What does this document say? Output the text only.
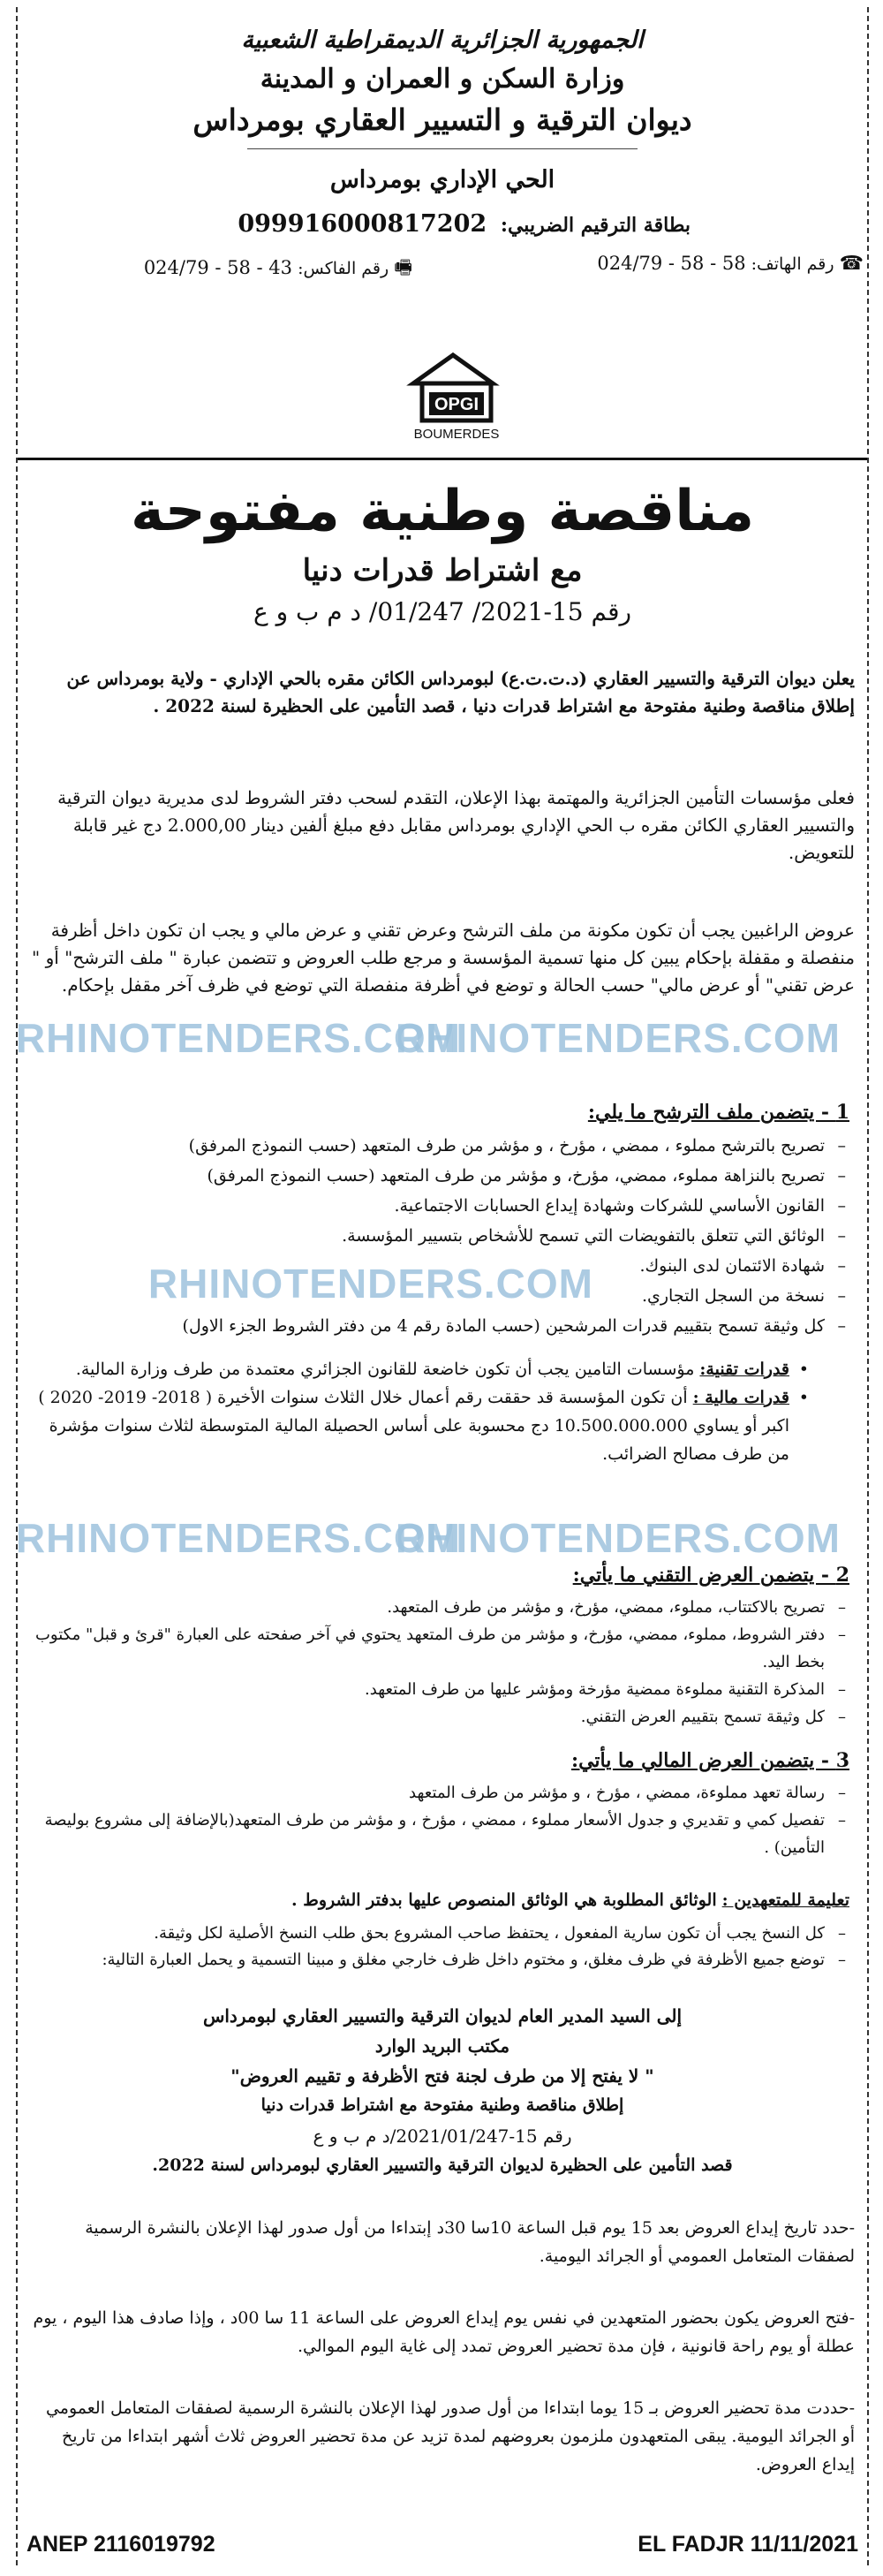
الجمهورية الجزائرية الديمقراطية الشعبية
وزارة السكن و العمران و المدينة
ديوان الترقية و التسيير العقاري بومرداس
الحي الإداري بومرداس
بطاقة الترقيم الضريبي: 099916000817202
☎ رقم الهاتف: 024/79 - 58 - 58
🖷 رقم الفاكس: 024/79 - 58 - 43
OPGI
BOUMERDES
مناقصة وطنية مفتوحة
مع اشتراط قدرات دنيا
رقم 15-2021/ 01/247/ د م ب و ع
يعلن ديوان الترقية والتسيير العقاري (د.ت.ت.ع) لبومرداس الكائن مقره بالحي الإداري - ولاية بومرداس عن إطلاق مناقصة وطنية مفتوحة مع اشتراط قدرات دنيا ، قصد التأمين على الحظيرة لسنة 2022 .
فعلى مؤسسات التأمين الجزائرية والمهتمة بهذا الإعلان، التقدم لسحب دفتر الشروط لدى مديرية ديوان الترقية والتسيير العقاري الكائن مقره ب الحي الإداري بومرداس مقابل دفع مبلغ ألفين دينار 2.000,00 دج غير قابلة للتعويض.
عروض الراغبين يجب أن تكون مكونة من ملف الترشح وعرض تقني و عرض مالي و يجب ان تكون داخل أظرفة منفصلة و مقفلة بإحكام يبين كل منها تسمية المؤسسة و مرجع طلب العروض و تتضمن عبارة " ملف الترشح" أو " عرض تقني" أو عرض مالي" حسب الحالة و توضع في أظرفة منفصلة التي توضع في ظرف آخر مقفل بإحكام.
RHINOTENDERS.COM
RHINOTENDERS.COM
RHINOTENDERS.COM
RHINOTENDERS.COM
RHINOTENDERS.COM
1 - يتضمن ملف الترشح ما يلي:
– تصريح بالترشح مملوء ، ممضي ، مؤرخ ، و مؤشر من طرف المتعهد (حسب النموذج المرفق)
– تصريح بالنزاهة مملوء، ممضي، مؤرخ، و مؤشر من طرف المتعهد (حسب النموذج المرفق)
– القانون الأساسي للشركات وشهادة إيداع الحسابات الاجتماعية.
– الوثائق التي تتعلق بالتفويضات التي تسمح للأشخاص بتسيير المؤسسة.
– شهادة الائتمان لدى البنوك.
– نسخة من السجل التجاري.
– كل وثيقة تسمح بتقييم قدرات المرشحين (حسب المادة رقم 4 من دفتر الشروط الجزء الاول)
• قدرات تقنية: مؤسسات التامين يجب أن تكون خاضعة للقانون الجزائري معتمدة من طرف وزارة المالية.
• قدرات مالية : أن تكون المؤسسة قد حققت رقم أعمال خلال الثلاث سنوات الأخيرة ( 2018- 2019- 2020 ) اكبر أو يساوي 10.500.000.000 دج محسوبة على أساس الحصيلة المالية المتوسطة لثلاث سنوات مؤشرة من طرف مصالح الضرائب.
2 - يتضمن العرض التقني ما يأتي:
– تصريح بالاكتتاب، مملوء، ممضي، مؤرخ، و مؤشر من طرف المتعهد.
– دفتر الشروط، مملوء، ممضي، مؤرخ، و مؤشر من طرف المتعهد يحتوي في آخر صفحته على العبارة "قرئ و قبل" مكتوب بخط اليد.
– المذكرة التقنية مملوءة ممضية مؤرخة ومؤشر عليها من طرف المتعهد.
– كل وثيقة تسمح بتقييم العرض التقني.
3 - يتضمن العرض المالي ما يأتي:
– رسالة تعهد مملوءة، ممضي ، مؤرخ ، و مؤشر من طرف المتعهد
– تفصيل كمي و تقديري و جدول الأسعار مملوء ، ممضي ، مؤرخ ، و مؤشر من طرف المتعهد(بالإضافة إلى مشروع بوليصة التأمين) .
تعليمة للمتعهدين : الوثائق المطلوبة هي الوثائق المنصوص عليها بدفتر الشروط .
– كل النسخ يجب أن تكون سارية المفعول ، يحتفظ صاحب المشروع بحق طلب النسخ الأصلية لكل وثيقة.
– توضع جميع الأظرفة في ظرف مغلق، و مختوم داخل ظرف خارجي مغلق و مبينا التسمية و يحمل العبارة التالية:
إلى السيد المدير العام لديوان الترقية والتسيير العقاري لبومرداس
مكتب البريد الوارد
" لا يفتح إلا من طرف لجنة فتح الأظرفة و تقييم العروض"
إطلاق مناقصة وطنية مفتوحة مع اشتراط قدرات دنيا
رقم 15-2021/01/247/د م ب و ع
قصد التأمين على الحظيرة لديوان الترقية والتسيير العقاري لبومرداس لسنة 2022.
-حدد تاريخ إيداع العروض بعد 15 يوم قبل الساعة 10سا 30د إبتداءا من أول صدور لهذا الإعلان بالنشرة الرسمية لصفقات المتعامل العمومي أو الجرائد اليومية.
-فتح العروض يكون بحضور المتعهدين في نفس يوم إيداع العروض على الساعة 11 سا 00د ، وإذا صادف هذا اليوم ، يوم عطلة أو يوم راحة قانونية ، فإن مدة تحضير العروض تمدد إلى غاية اليوم الموالي.
-حددت مدة تحضير العروض بـ 15 يوما ابتداءا من أول صدور لهذا الإعلان بالنشرة الرسمية لصفقات المتعامل العمومي أو الجرائد اليومية. يبقى المتعهدون ملزمون بعروضهم لمدة تزيد عن مدة تحضير العروض ثلاث أشهر ابتداءا من تاريخ إيداع العروض.
ANEP 2116019792	EL FADJR 11/11/2021
